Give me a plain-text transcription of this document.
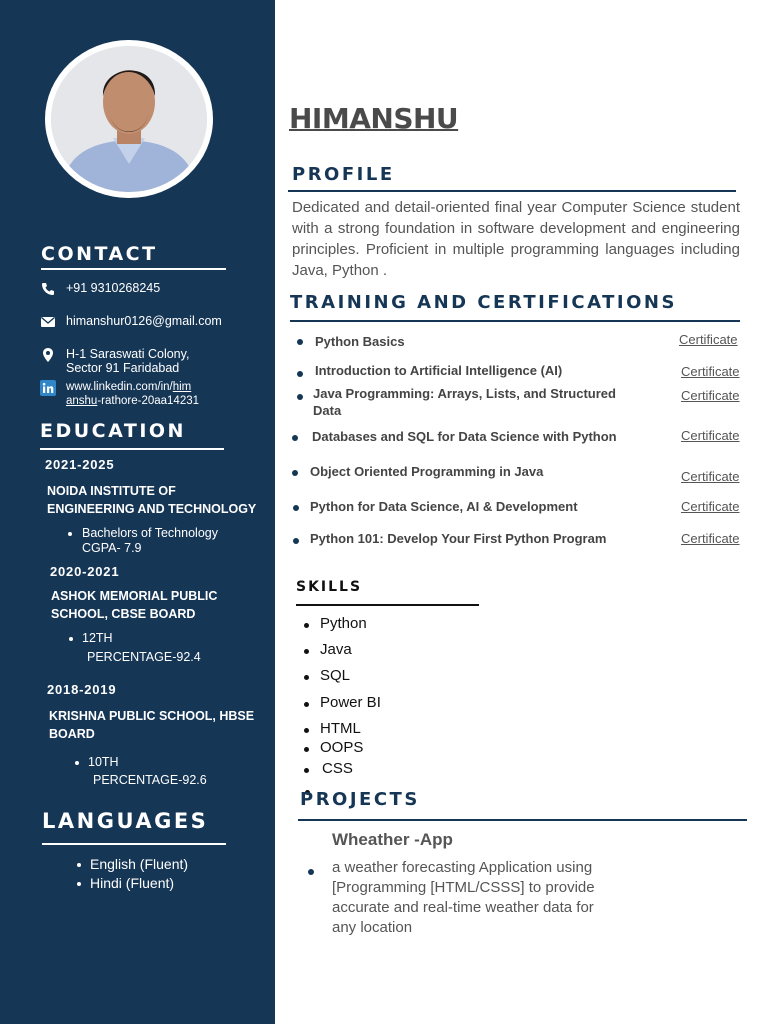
CONTACT
+91 9310268245
himanshur0126@gmail.com
H-1 Saraswati Colony,
Sector 91 Faridabad
www.linkedin.com/in/him
anshu-rathore-20aa14231
EDUCATION
2021-2025
NOIDA INSTITUTE OF
ENGINEERING AND TECHNOLOGY
Bachelors of Technology
CGPA- 7.9
2020-2021
ASHOK MEMORIAL PUBLIC
SCHOOL, CBSE BOARD
12TH
PERCENTAGE-92.4
2018-2019
KRISHNA PUBLIC SCHOOL, HBSE
BOARD
10TH
PERCENTAGE-92.6
LANGUAGES
English (Fluent)
Hindi (Fluent)
HIMANSHU
PROFILE
Dedicated and detail-oriented final year Computer Science student with a strong foundation in software development and engineering principles. Proficient in multiple programming languages including Java, Python .
TRAINING AND CERTIFICATIONS
Python Basics	Certificate
Introduction to Artificial Intelligence (AI)	Certificate
Java Programming: Arrays, Lists, and Structured
Data
Certificate
Databases and SQL for Data Science with Python	Certificate
Object Oriented Programming in Java	Certificate
Python for Data Science, AI & Development	Certificate
Python 101: Develop Your First Python Program	Certificate
SKILLS
Python
Java
SQL
Power BI
HTML
OOPS
CSS
PROJECTS
Wheather -App
a weather forecasting Application using [Programming [HTML/CSSS] to provide accurate and real-time weather data for any location
